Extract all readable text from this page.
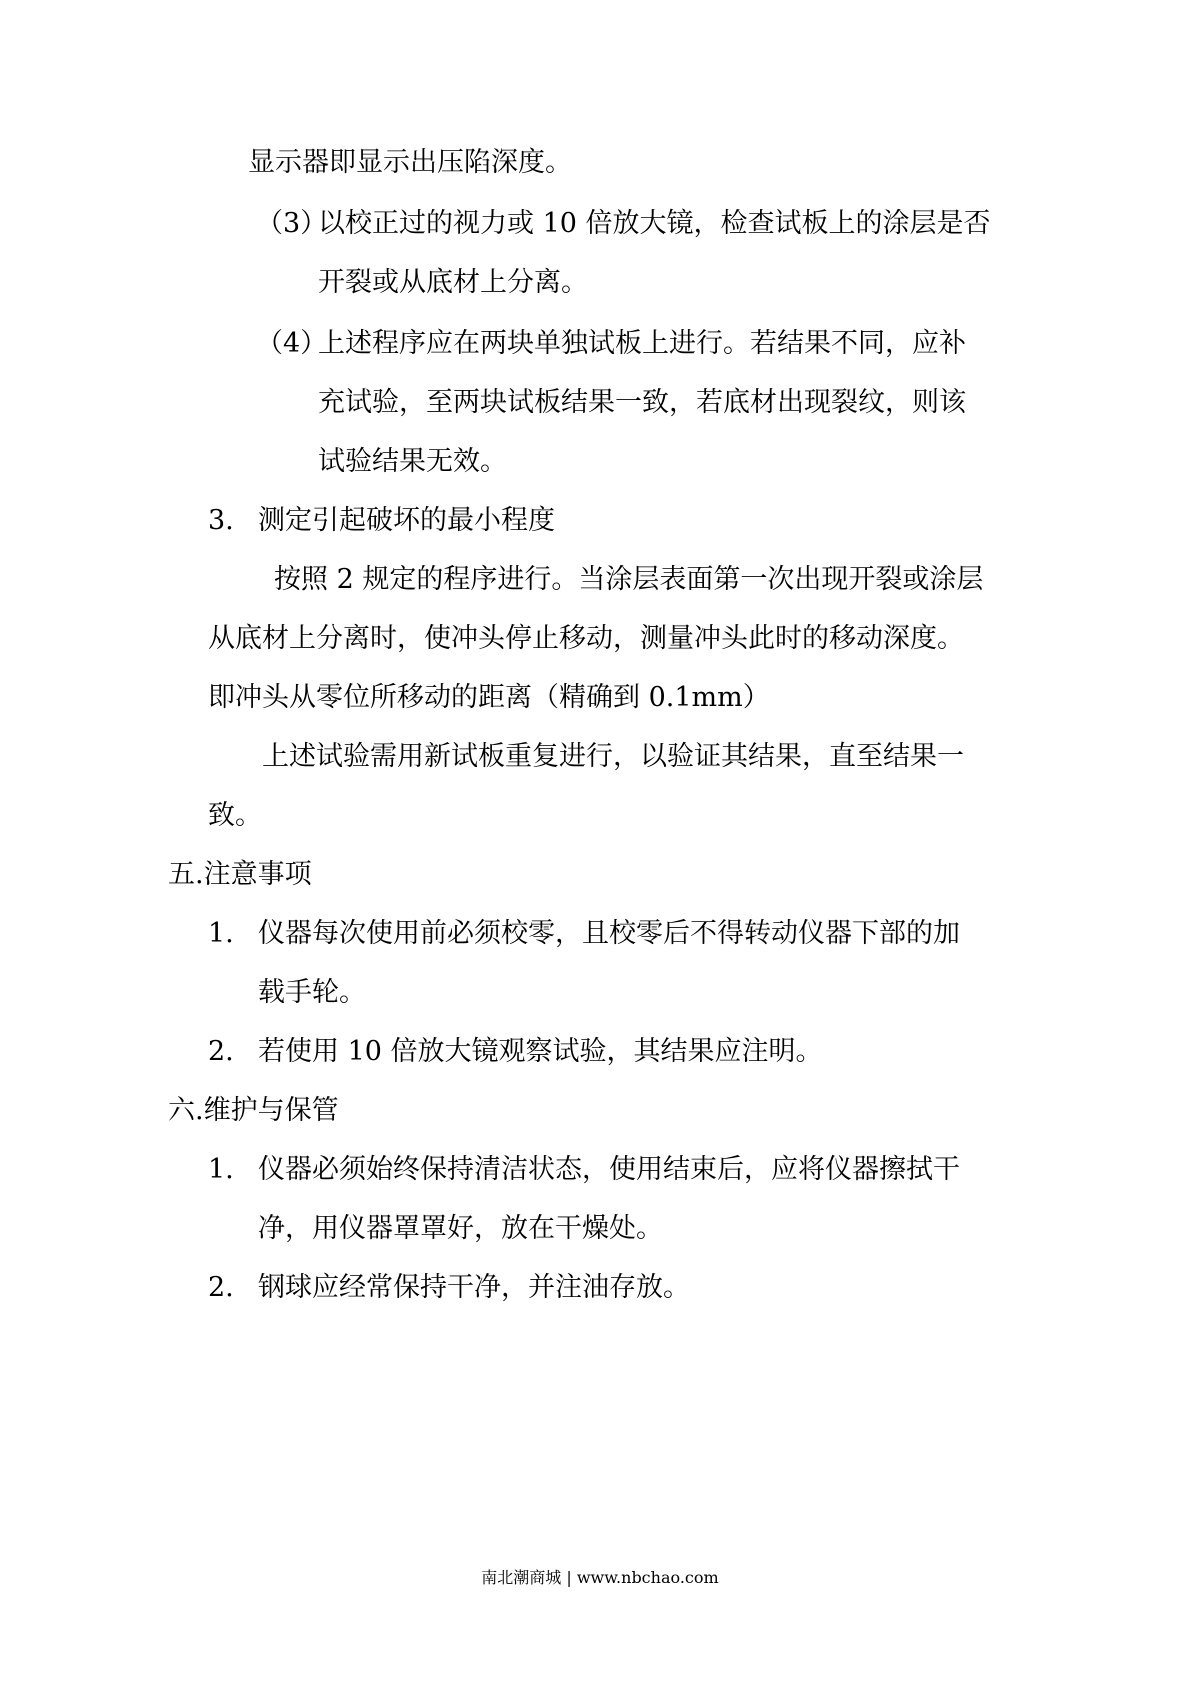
显示器即显示出压陷深度。
（3）
以校正过的视力或 10 倍放大镜，检查试板上的涂层是否
开裂或从底材上分离。
（4）
上述程序应在两块单独试板上进行。若结果不同，应补
充试验，至两块试板结果一致，若底材出现裂纹，则该
试验结果无效。
3. 测定引起破坏的最小程度
按照 2 规定的程序进行。当涂层表面第一次出现开裂或涂层
从底材上分离时，使冲头停止移动，测量冲头此时的移动深度。
即冲头从零位所移动的距离（精确到 0.1mm）
上述试验需用新试板重复进行，以验证其结果，直至结果一
致。
五.注意事项
1. 仪器每次使用前必须校零，且校零后不得转动仪器下部的加
载手轮。
2. 若使用 10 倍放大镜观察试验，其结果应注明。
六.维护与保管
1. 仪器必须始终保持清洁状态，使用结束后，应将仪器擦拭干
净，用仪器罩罩好，放在干燥处。
2. 钢球应经常保持干净，并注油存放。
南北潮商城 | www.nbchao.com
